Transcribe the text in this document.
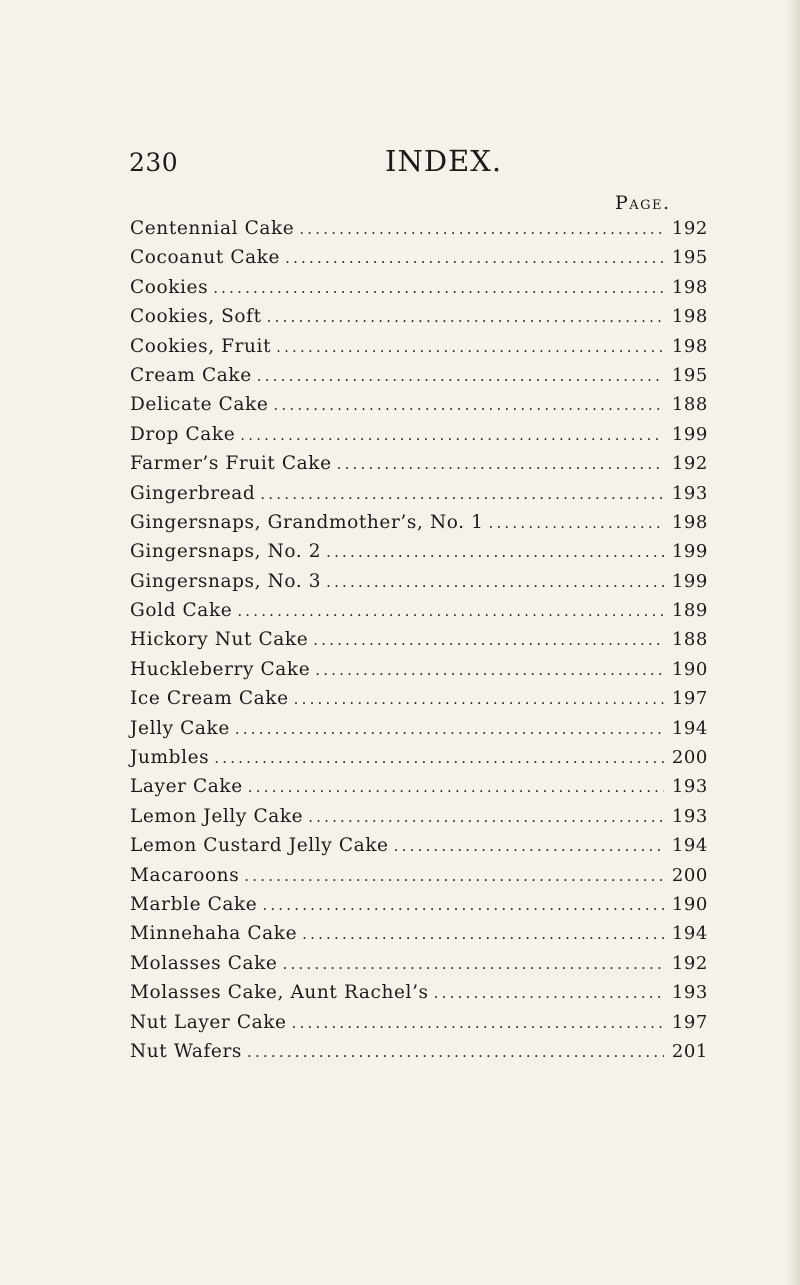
230	INDEX.
Page.
Centennial Cake .....	192
Cocoanut Cake .....	195
Cookies .....	198
Cookies, Soft .....	198
Cookies, Fruit .....	198
Cream Cake .....	195
Delicate Cake .....	188
Drop Cake .....	199
Farmer’s Fruit Cake .....	192
Gingerbread .....	193
Gingersnaps, Grandmother’s, No. 1 .....	198
Gingersnaps, No. 2 .....	199
Gingersnaps, No. 3 .....	199
Gold Cake .....	189
Hickory Nut Cake .....	188
Huckleberry Cake .....	190
Ice Cream Cake .....	197
Jelly Cake .....	194
Jumbles .....	200
Layer Cake .....	193
Lemon Jelly Cake .....	193
Lemon Custard Jelly Cake .....	194
Macaroons .....	200
Marble Cake .....	190
Minnehaha Cake .....	194
Molasses Cake .....	192
Molasses Cake, Aunt Rachel’s .....	193
Nut Layer Cake .....	197
Nut Wafers .....	201
